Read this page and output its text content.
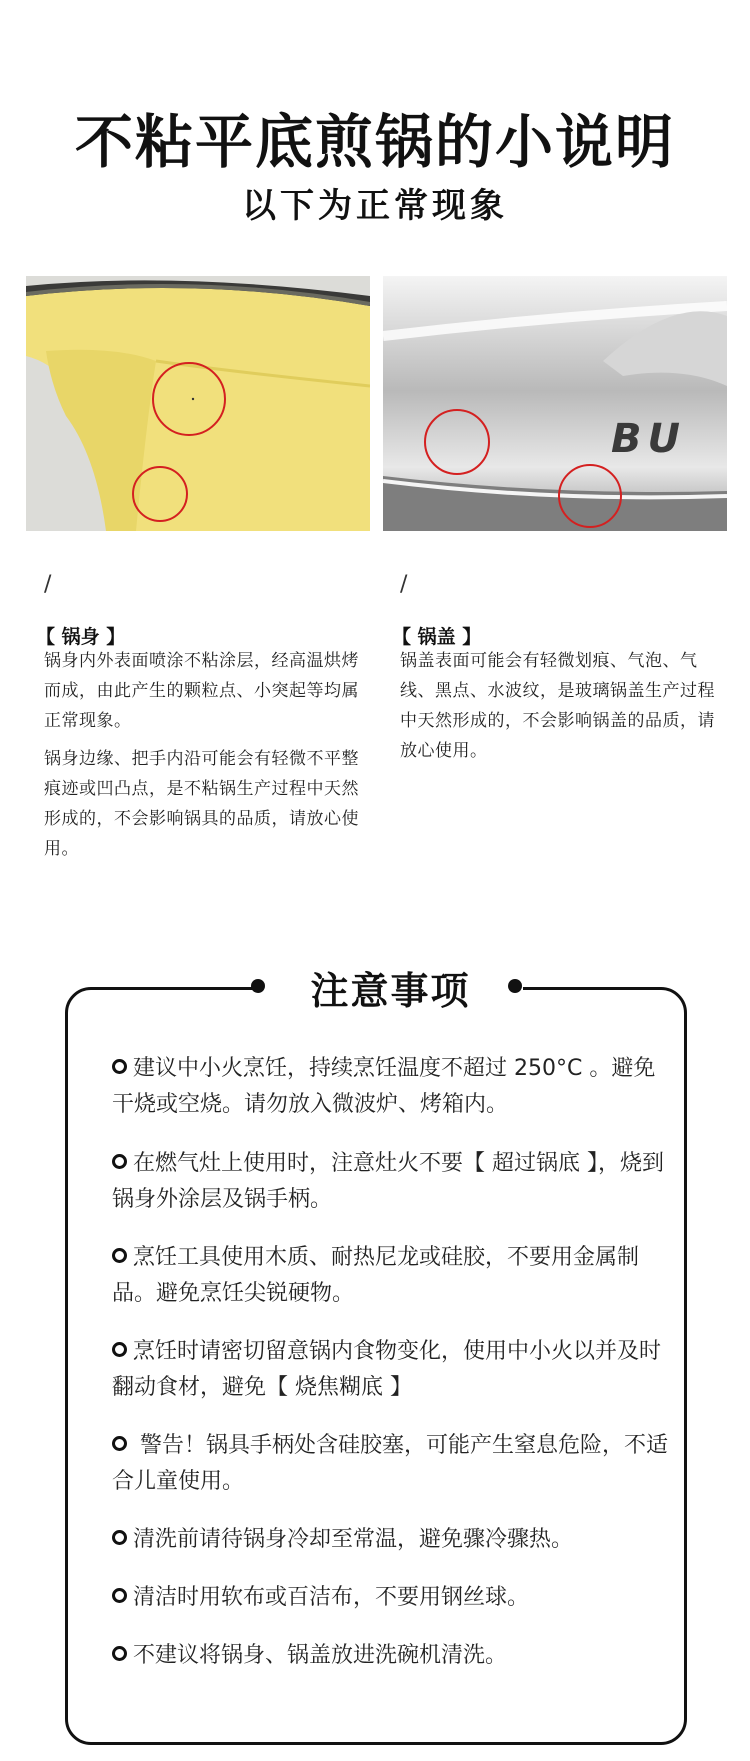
不粘平底煎锅的小说明
以下为正常现象
BU
/
【 锅身 】
锅身内外表面喷涂不粘涂层，经高温烘烤而成，由此产生的颗粒点、小突起等均属正常现象。
锅身边缘、把手内沿可能会有轻微不平整痕迹或凹凸点，是不粘锅生产过程中天然形成的，不会影响锅具的品质，请放心使用。
/
【 锅盖 】
锅盖表面可能会有轻微划痕、气泡、气线、黑点、水波纹，是玻璃锅盖生产过程中天然形成的，不会影响锅盖的品质，请放心使用。
注意事项
建议中小火烹饪，持续烹饪温度不超过 250°C 。避免干烧或空烧。请勿放入微波炉、烤箱内。
在燃气灶上使用时，注意灶火不要【 超过锅底 】，烧到锅身外涂层及锅手柄。
烹饪工具使用木质、耐热尼龙或硅胶，不要用金属制品。避免烹饪尖锐硬物。
烹饪时请密切留意锅内食物变化，使用中小火以并及时翻动食材，避免【 烧焦糊底 】
警告！锅具手柄处含硅胶塞，可能产生窒息危险，不适合儿童使用。
清洗前请待锅身冷却至常温，避免骤冷骤热。
清洁时用软布或百洁布，不要用钢丝球。
不建议将锅身、锅盖放进洗碗机清洗。
